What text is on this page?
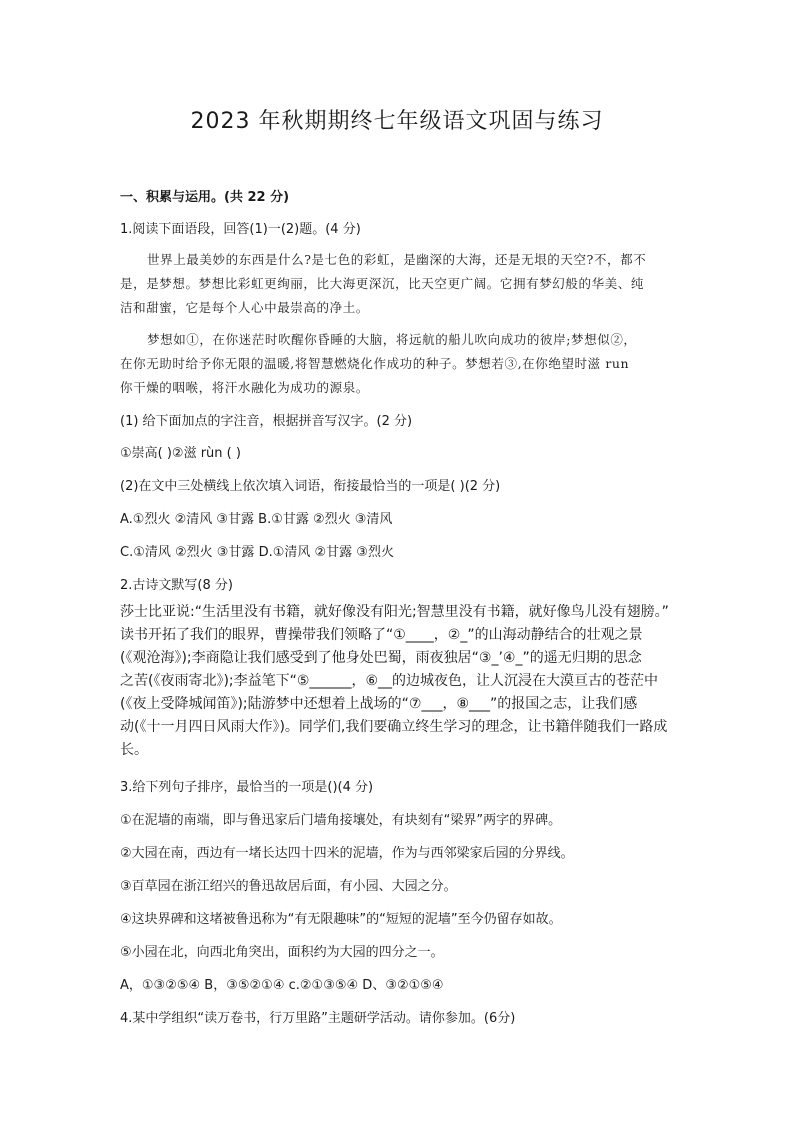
2023 年秋期期终七年级语文巩固与练习
一、积累与运用。(共 22 分)
1.阅读下面语段，回答(1)一(2)题。(4 分)
世界上最美妙的东西是什么?是七色的彩虹，是幽深的大海，还是无垠的天空?不，都不
是，是梦想。梦想比彩虹更绚丽，比大海更深沉，比天空更广阔。它拥有梦幻般的华美、纯
洁和甜蜜，它是每个人心中最崇高的净土。
梦想如①，在你迷茫时吹醒你昏睡的大脑，将远航的船儿吹向成功的彼岸;梦想似②，
在你无助时给予你无限的温暖,将智慧燃烧化作成功的种子。梦想若③,在你绝望时滋 run
你干燥的咽喉，将汗水融化为成功的源泉。
(1) 给下面加点的字注音，根据拼音写汉字。(2 分)
①崇高( )②滋 rùn ( )
(2)在文中三处横线上依次填入词语，衔接最恰当的一项是( )(2 分)
A.①烈火 ②清风 ③甘露 B.①甘露 ②烈火 ③清风
C.①清风 ②烈火 ③甘露 D.①清风 ②甘露 ③烈火
2.古诗文默写(8 分)
莎士比亚说:“生活里没有书籍，就好像没有阳光;智慧里没有书籍，就好像鸟儿没有翅膀。”
读书开拓了我们的眼界，曹操带我们领略了“①____，②_”的山海动静结合的壮观之景
(《观沧海》);李商隐让我们感受到了他身处巴蜀，雨夜独居“③_’④_”的遥无归期的思念
之苦(《夜雨寄北》);李益笔下“⑤______，⑥__的边城夜色，让人沉浸在大漠亘古的苍茫中
(《夜上受降城闻笛》);陆游梦中还想着上战场的“⑦___，⑧___”的报国之志，让我们感
动(《十一月四日风雨大作》)。同学们,我们要确立终生学习的理念，让书籍伴随我们一路成
长。
3.给下列句子排序，最恰当的一项是()(4 分)
①在泥墙的南端，即与鲁迅家后门墙角接壤处，有块刻有“梁界”两字的界碑。
②大园在南，西边有一堵长达四十四米的泥墙，作为与西邻梁家后园的分界线。
③百草园在浙江绍兴的鲁迅故居后面，有小园、大园之分。
④这块界碑和这堵被鲁迅称为“有无限趣味”的“短短的泥墙”至今仍留存如故。
⑤小园在北，向西北角突出，面积约为大园的四分之一。
A，①③②⑤④ B，③⑤②①④ c.②①③⑤④ D、③②①⑤④
4.某中学组织“读万卷书，行万里路”主题研学活动。请你参加。(6分)
